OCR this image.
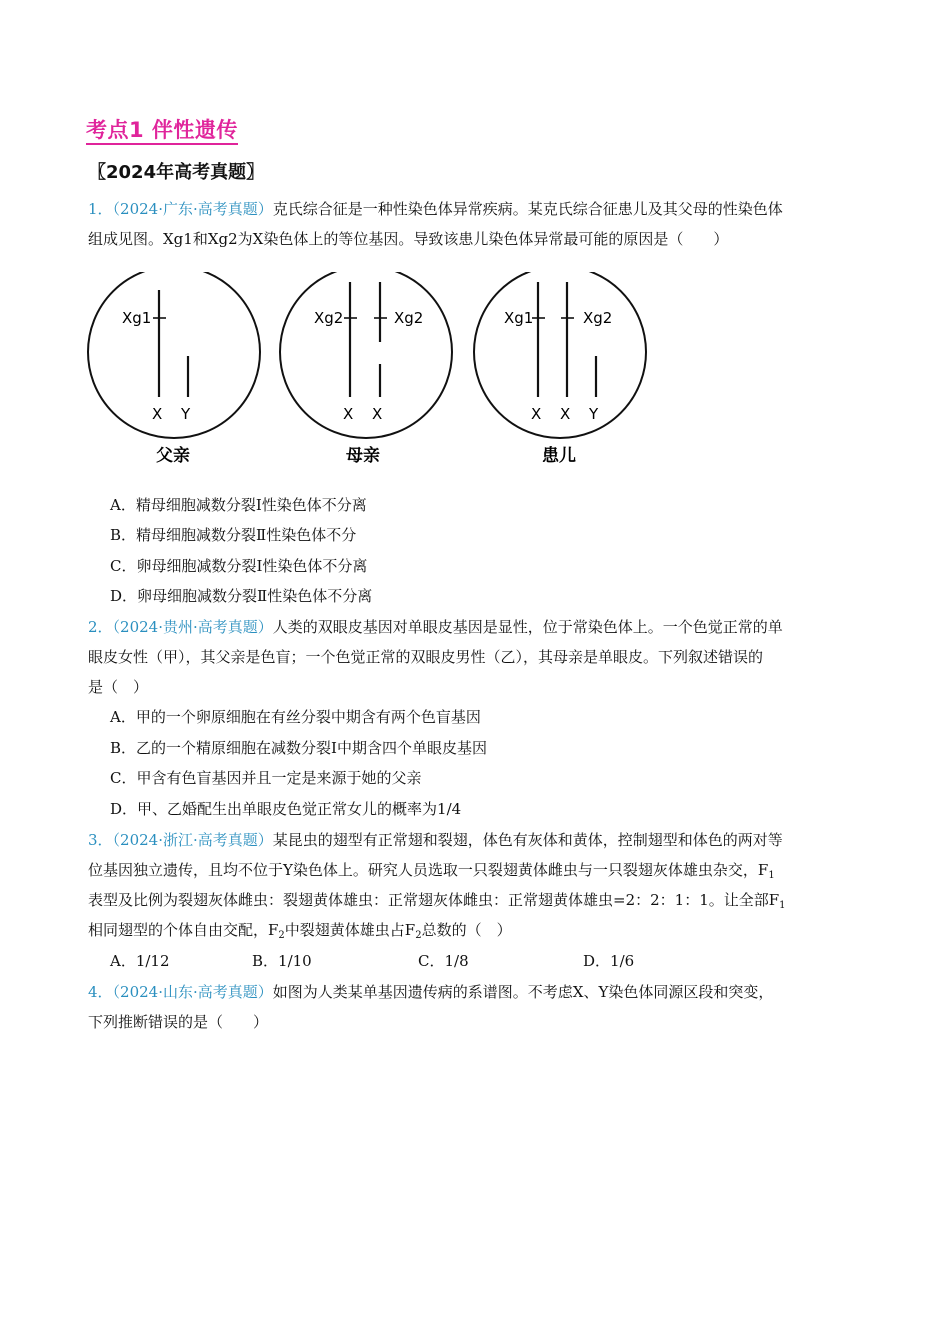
考点1 伴性遗传
〖2024年高考真题〗
1．（2024·广东·高考真题）克氏综合征是一种性染色体异常疾病。某克氏综合征患儿及其父母的性染色体
组成见图。Xg1和Xg2为X染色体上的等位基因。导致该患儿染色体异常最可能的原因是（　　）
Xg1
X Y
父亲
Xg2	Xg2
X X
母亲
Xg1	Xg2
X X Y
患儿
A．精母细胞减数分裂Ⅰ性染色体不分离
B．精母细胞减数分裂Ⅱ性染色体不分
C．卵母细胞减数分裂Ⅰ性染色体不分离
D．卵母细胞减数分裂Ⅱ性染色体不分离
2．（2024·贵州·高考真题）人类的双眼皮基因对单眼皮基因是显性，位于常染色体上。一个色觉正常的单
眼皮女性（甲），其父亲是色盲；一个色觉正常的双眼皮男性（乙），其母亲是单眼皮。下列叙述错误的
是（　）
A．甲的一个卵原细胞在有丝分裂中期含有两个色盲基因
B．乙的一个精原细胞在减数分裂Ⅰ中期含四个单眼皮基因
C．甲含有色盲基因并且一定是来源于她的父亲
D．甲、乙婚配生出单眼皮色觉正常女儿的概率为1/4
3．（2024·浙江·高考真题）某昆虫的翅型有正常翅和裂翅，体色有灰体和黄体，控制翅型和体色的两对等
位基因独立遗传，且均不位于Y染色体上。研究人员选取一只裂翅黄体雌虫与一只裂翅灰体雄虫杂交，$F_1$
表型及比例为裂翅灰体雌虫：裂翅黄体雄虫：正常翅灰体雌虫：正常翅黄体雄虫=2：2：1：1。让全部$F_1$
相同翅型的个体自由交配，$F_2$中裂翅黄体雄虫占$F_2$总数的（　）
A．1/12	B．1/10	C．1/8	D．1/6
4．（2024·山东·高考真题）如图为人类某单基因遗传病的系谱图。不考虑X、Y染色体同源区段和突变，
下列推断错误的是（　　）
